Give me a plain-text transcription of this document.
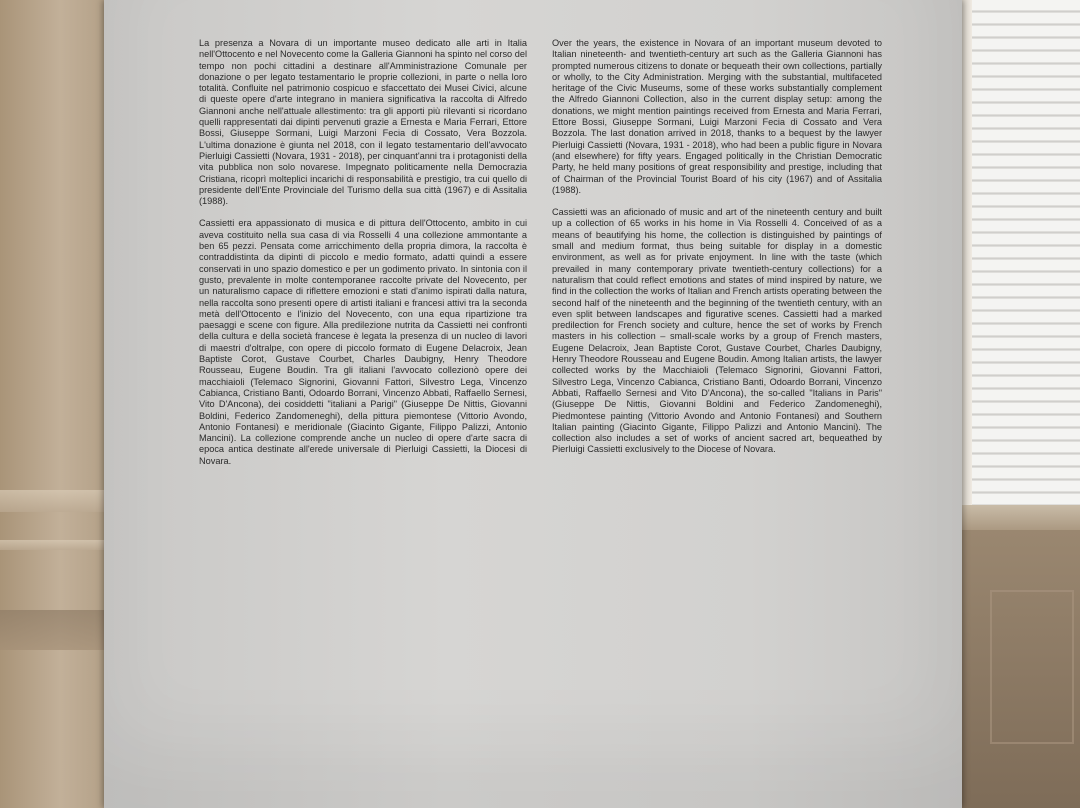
La presenza a Novara di un importante museo dedicato alle arti in Italia nell'Ottocento e nel Novecento come la Galleria Giannoni ha spinto nel corso del tempo non pochi cittadini a destinare all'Amministrazione Comunale per donazione o per legato testamentario le proprie collezioni, in parte o nella loro totalità. Confluite nel patrimonio cospicuo e sfaccettato dei Musei Civici, alcune di queste opere d'arte integrano in maniera significativa la raccolta di Alfredo Giannoni anche nell'attuale allestimento: tra gli apporti più rilevanti si ricordano quelli rappresentati dai dipinti pervenuti grazie a Ernesta e Maria Ferrari, Ettore Bossi, Giuseppe Sormani, Luigi Marzoni Fecia di Cossato, Vera Bozzola. L'ultima donazione è giunta nel 2018, con il legato testamentario dell'avvocato Pierluigi Cassietti (Novara, 1931 - 2018), per cinquant'anni tra i protagonisti della vita pubblica non solo novarese. Impegnato politicamente nella Democrazia Cristiana, ricoprì molteplici incarichi di responsabilità e prestigio, tra cui quello di presidente dell'Ente Provinciale del Turismo della sua città (1967) e di Assitalia (1988).

Cassietti era appassionato di musica e di pittura dell'Ottocento, ambito in cui aveva costituito nella sua casa di via Rosselli 4 una collezione ammontante a ben 65 pezzi. Pensata come arricchimento della propria dimora, la raccolta è contraddistinta da dipinti di piccolo e medio formato, adatti quindi a essere conservati in uno spazio domestico e per un godimento privato. In sintonia con il gusto, prevalente in molte contemporanee raccolte private del Novecento, per un naturalismo capace di riflettere emozioni e stati d'animo ispirati dalla natura, nella raccolta sono presenti opere di artisti italiani e francesi attivi tra la seconda metà dell'Ottocento e l'inizio del Novecento, con una equa ripartizione tra paesaggi e scene con figure. Alla predilezione nutrita da Cassietti nei confronti della cultura e della società francese è legata la presenza di un nucleo di lavori di maestri d'oltralpe, con opere di piccolo formato di Eugene Delacroix, Jean Baptiste Corot, Gustave Courbet, Charles Daubigny, Henry Theodore Rousseau, Eugene Boudin. Tra gli italiani l'avvocato collezionò opere dei macchiaioli (Telemaco Signorini, Giovanni Fattori, Silvestro Lega, Vincenzo Cabianca, Cristiano Banti, Odoardo Borrani, Vincenzo Abbati, Raffaello Sernesi, Vito D'Ancona), dei cosiddetti "italiani a Parigi" (Giuseppe De Nittis, Giovanni Boldini, Federico Zandomeneghi), della pittura piemontese (Vittorio Avondo, Antonio Fontanesi) e meridionale (Giacinto Gigante, Filippo Palizzi, Antonio Mancini). La collezione comprende anche un nucleo di opere d'arte sacra di epoca antica destinate all'erede universale di Pierluigi Cassietti, la Diocesi di Novara.

Over the years, the existence in Novara of an important museum devoted to Italian nineteenth- and twentieth-century art such as the Galleria Giannoni has prompted numerous citizens to donate or bequeath their own collections, partially or wholly, to the City Administration. Merging with the substantial, multifaceted heritage of the Civic Museums, some of these works substantially complement the Alfredo Giannoni Collection, also in the current display setup: among the donations, we might mention paintings received from Ernesta and Maria Ferrari, Ettore Bossi, Giuseppe Sormani, Luigi Marzoni Fecia di Cossato and Vera Bozzola. The last donation arrived in 2018, thanks to a bequest by the lawyer Pierluigi Cassietti (Novara, 1931 - 2018), who had been a public figure in Novara (and elsewhere) for fifty years. Engaged politically in the Christian Democratic Party, he held many positions of great responsibility and prestige, including that of Chairman of the Provincial Tourist Board of his city (1967) and of Assitalia (1988).

Cassietti was an aficionado of music and art of the nineteenth century and built up a collection of 65 works in his home in Via Rosselli 4. Conceived of as a means of beautifying his home, the collection is distinguished by paintings of small and medium format, thus being suitable for display in a domestic environment, as well as for private enjoyment. In line with the taste (which prevailed in many contemporary private twentieth-century collections) for a naturalism that could reflect emotions and states of mind inspired by nature, we find in the collection the works of Italian and French artists operating between the second half of the nineteenth and the beginning of the twentieth century, with an even split between landscapes and figurative scenes. Cassietti had a marked predilection for French society and culture, hence the set of works by French masters in his collection – small-scale works by a group of French masters, Eugene Delacroix, Jean Baptiste Corot, Gustave Courbet, Charles Daubigny, Henry Theodore Rousseau and Eugene Boudin. Among Italian artists, the lawyer collected works by the Macchiaioli (Telemaco Signorini, Giovanni Fattori, Silvestro Lega, Vincenzo Cabianca, Cristiano Banti, Odoardo Borrani, Vincenzo Abbati, Raffaello Sernesi and Vito D'Ancona), the so-called "Italians in Paris" (Giuseppe De Nittis, Giovanni Boldini and Federico Zandomeneghi), Piedmontese painting (Vittorio Avondo and Antonio Fontanesi) and Southern Italian painting (Giacinto Gigante, Filippo Palizzi and Antonio Mancini). The collection also includes a set of works of ancient sacred art, bequeathed by Pierluigi Cassietti exclusively to the Diocese of Novara.
